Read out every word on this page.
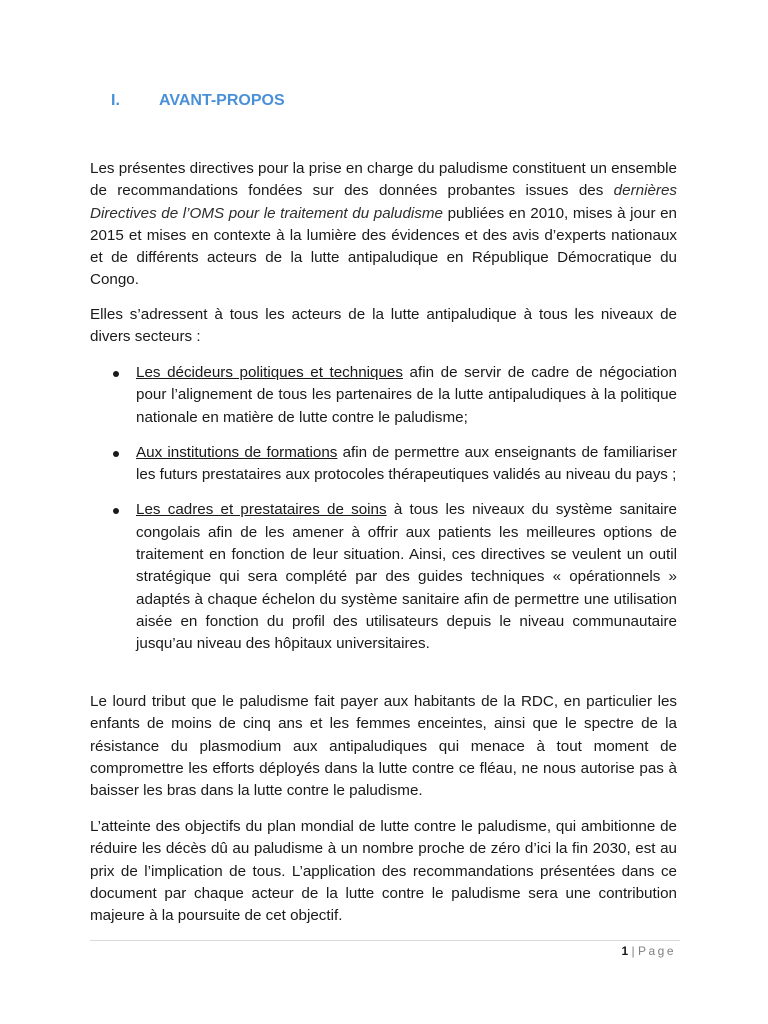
I.	AVANT-PROPOS
Les présentes directives pour la prise en charge du paludisme constituent un ensemble de recommandations fondées sur des données probantes issues des dernières Directives de l’OMS pour le traitement du paludisme publiées en 2010, mises à jour en 2015 et mises en contexte à la lumière des évidences et des avis d’experts nationaux et de différents acteurs de la lutte antipaludique en République Démocratique du Congo.
Elles s’adressent à tous les acteurs de la lutte antipaludique à tous les niveaux de divers secteurs :
Les décideurs politiques et techniques afin de servir de cadre de négociation pour l’alignement de tous les partenaires de la lutte antipaludiques à la politique nationale en matière de lutte contre le paludisme;
Aux institutions de formations afin de permettre aux enseignants de familiariser les futurs prestataires aux protocoles thérapeutiques validés au niveau du pays ;
Les cadres et prestataires de soins à tous les niveaux du système sanitaire congolais afin de les amener à offrir aux patients les meilleures options de traitement en fonction de leur situation. Ainsi, ces directives se veulent un outil stratégique qui sera complété par des guides techniques « opérationnels » adaptés à chaque échelon du système sanitaire afin de permettre une utilisation aisée en fonction du profil des utilisateurs depuis le niveau communautaire jusqu’au niveau des hôpitaux universitaires.
Le lourd tribut que le paludisme fait payer aux habitants de la RDC, en particulier les enfants de moins de cinq ans et les femmes enceintes, ainsi que le spectre de la résistance du plasmodium aux antipaludiques qui menace à tout moment de compromettre les efforts déployés dans la lutte contre ce fléau, ne nous autorise pas à baisser les bras dans la lutte contre le paludisme.
L’atteinte des objectifs du plan mondial de lutte contre le paludisme, qui ambitionne de réduire les décès dû au paludisme à un nombre proche de zéro d’ici la fin 2030, est au prix de l’implication de tous. L’application des recommandations présentées dans ce document par chaque acteur de la lutte contre le paludisme sera une contribution majeure à la poursuite de cet objectif.
1 | Page
